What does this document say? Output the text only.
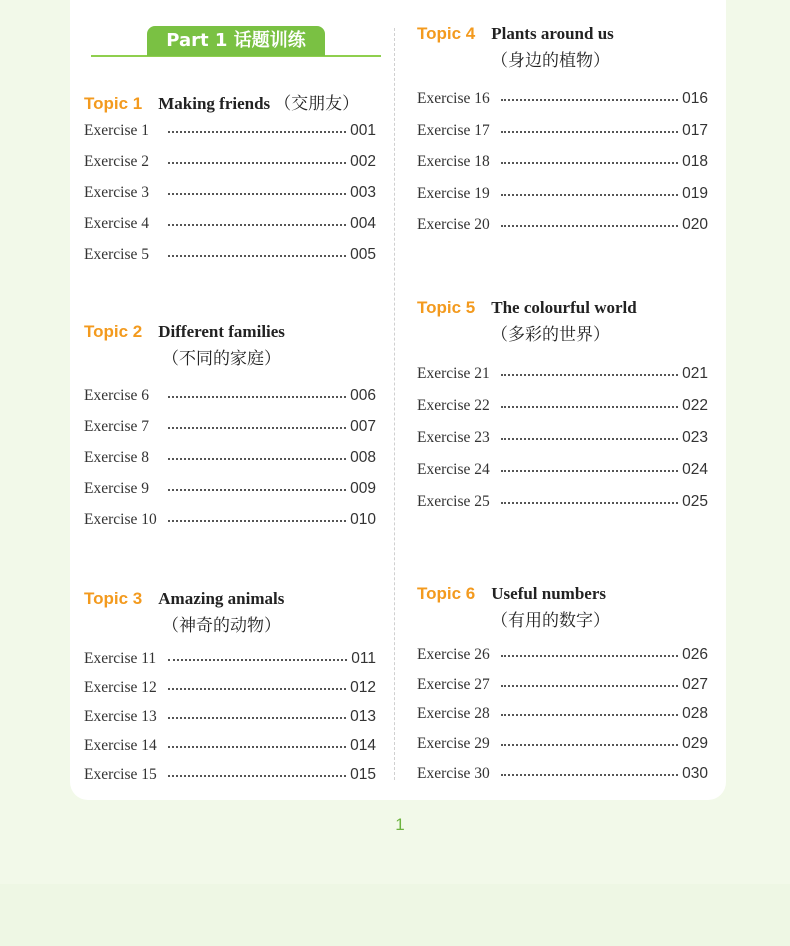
Part 1 话题训练
Topic 1 Making friends （交朋友）
Exercise 1	001
Exercise 2	002
Exercise 3	003
Exercise 4	004
Exercise 5	005
Topic 2 Different families
（不同的家庭）
Exercise 6	006
Exercise 7	007
Exercise 8	008
Exercise 9	009
Exercise 10	010
Topic 3 Amazing animals
（神奇的动物）
Exercise 11	011
Exercise 12	012
Exercise 13	013
Exercise 14	014
Exercise 15	015
Topic 4 Plants around us
（身边的植物）
Exercise 16	016
Exercise 17	017
Exercise 18	018
Exercise 19	019
Exercise 20	020
Topic 5 The colourful world
（多彩的世界）
Exercise 21	021
Exercise 22	022
Exercise 23	023
Exercise 24	024
Exercise 25	025
Topic 6 Useful numbers
（有用的数字）
Exercise 26	026
Exercise 27	027
Exercise 28	028
Exercise 29	029
Exercise 30	030
1
